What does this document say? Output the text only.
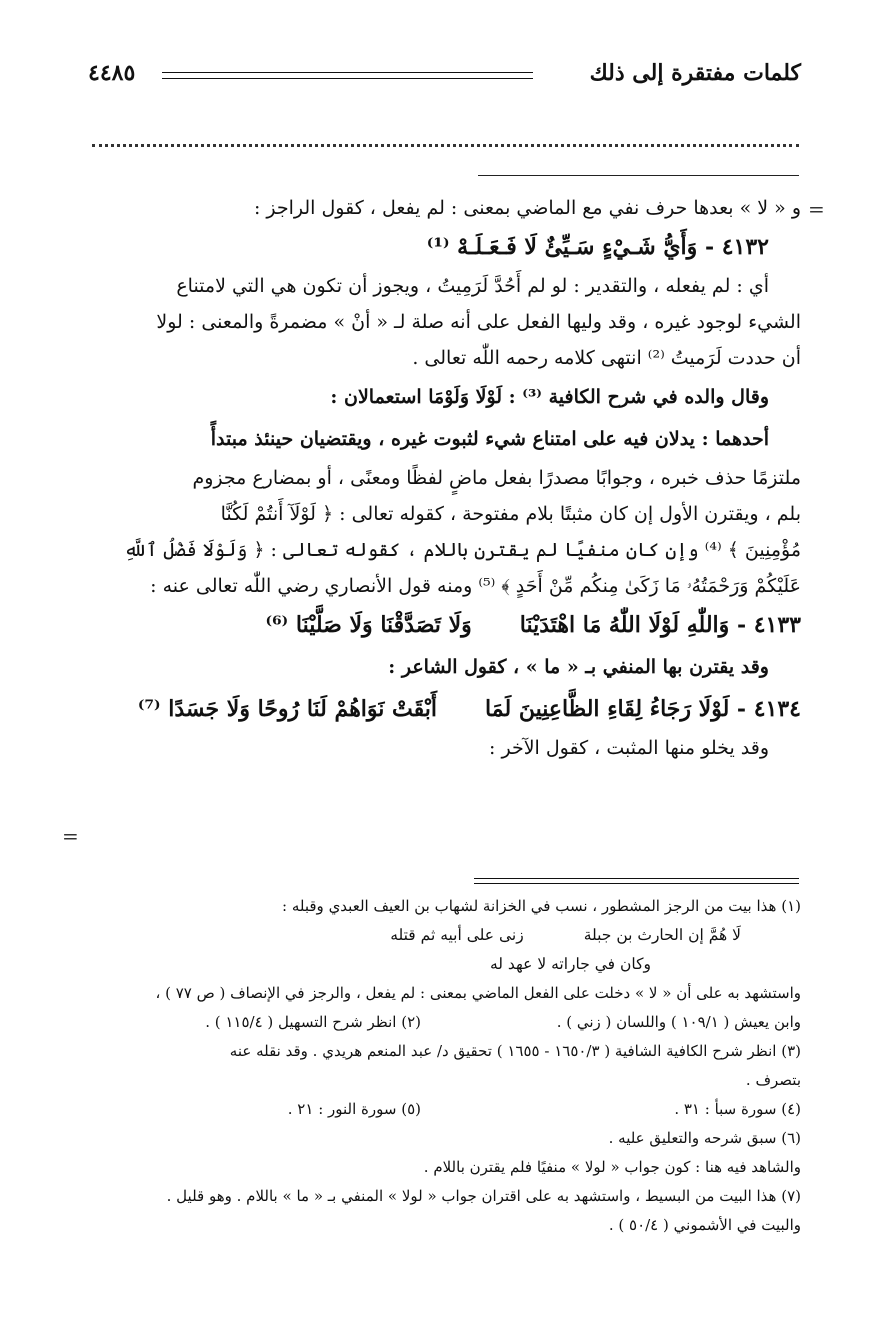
كلمات مفتقرة إلى ذلك
٤٤٨٥
=
=
و « لا » بعدها حرف نفي مع الماضي بمعنى : لم يفعل ، كقول الراجز :
٤١٣٢ - وَأَيُّ شَـيْءٍ سَـيِّئٌ لَا فَـعَـلَـهْ ⁽¹⁾
أي : لم يفعله ، والتقدير : لو لم أَحُدَّ لَرَمِيتُ ، ويجوز أن تكون هي التي لامتناع
الشيء لوجود غيره ، وقد وليها الفعل على أنه صلة لـ « أنْ » مضمرةً والمعنى : لولا
أن حددت لَرَميتُ ⁽²⁾ انتهى كلامه رحمه اللّٰه تعالى .
وقال والده في شرح الكافية ⁽³⁾ : لَوْلَا وَلَوْمَا استعمالان :
أحدهما : يدلان فيه على امتناع شيء لثبوت غيره ، ويقتضيان حينئذ مبتدأً
ملتزمًا حذف خبره ، وجوابًا مصدرًا بفعل ماضٍ لفظًا ومعنًى ، أو بمضارع مجزوم
بلم ، ويقترن الأول إن كان مثبتًا بلام مفتوحة ، كقوله تعالى : ﴿ لَوْلَآ أَنتُمْ لَكُنَّا
مُؤْمِنِينَ ﴾ ⁽⁴⁾ وإن كان منفيًا لم يقترن باللام ، كقوله تعالى : ﴿ وَلَوْلَا فَضْلُ ٱللَّهِ
عَلَيْكُمْ وَرَحْمَتُهُۥ مَا زَكَىٰ مِنكُم مِّنْ أَحَدٍ ﴾ ⁽⁵⁾ ومنه قول الأنصاري رضي اللّٰه تعالى عنه :
٤١٣٣ - وَاللّٰهِ لَوْلَا اللّٰهُ مَا اهْتَدَيْنَا
وَلَا تَصَدَّقْنَا وَلَا صَلَّيْنَا ⁽⁶⁾
وقد يقترن بها المنفي بـ « ما » ، كقول الشاعر :
٤١٣٤ - لَوْلَا رَجَاءُ لِقَاءِ الظَّاعِنِينَ لَمَا
أَبْقَتْ نَوَاهُمْ لَنَا رُوحًا وَلَا جَسَدًا ⁽⁷⁾
وقد يخلو منها المثبت ، كقول الآخر :
(١) هذا بيت من الرجز المشطور ، نسب في الخزانة لشهاب بن العيف العبدي وقبله :
لَا هُمَّ إن الحارث بن جبلة
زنى على أبيه ثم قتله
وكان في جاراته لا عهد له
واستشهد به على أن « لا » دخلت على الفعل الماضي بمعنى : لم يفعل ، والرجز في الإنصاف ( ص ٧٧ ) ،
وابن يعيش ( ١٠٩/١ ) واللسان ( زني ) .
(٢) انظر شرح التسهيل ( ١١٥/٤ ) .
(٣) انظر شرح الكافية الشافية ( ١٦٥٠/٣ - ١٦٥٥ ) تحقيق د/ عبد المنعم هريدي . وقد نقله عنه
بتصرف .
(٤) سورة سبأ : ٣١ .
(٥) سورة النور : ٢١ .
(٦) سبق شرحه والتعليق عليه .
والشاهد فيه هنا : كون جواب « لولا » منفيًا فلم يقترن باللام .
(٧) هذا البيت من البسيط ، واستشهد به على اقتران جواب « لولا » المنفي بـ « ما » باللام . وهو قليل .
والبيت في الأشموني ( ٥٠/٤ ) .
